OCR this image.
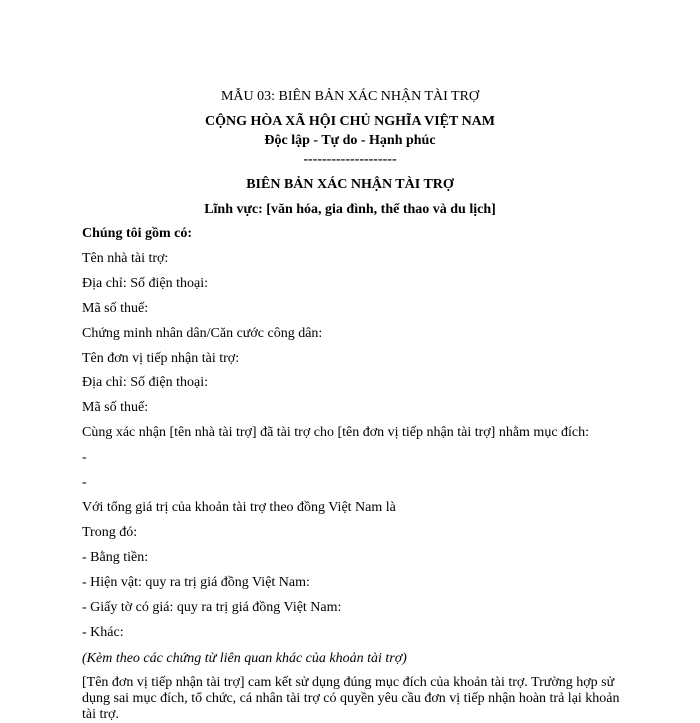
MẪU 03: BIÊN BẢN XÁC NHẬN TÀI TRỢ
CỘNG HÒA XÃ HỘI CHỦ NGHĨA VIỆT NAM
Độc lập - Tự do - Hạnh phúc
--------------------
BIÊN BẢN XÁC NHẬN TÀI TRỢ
Lĩnh vực: [văn hóa, gia đình, thể thao và du lịch]
Chúng tôi gồm có:
Tên nhà tài trợ:
Địa chỉ: Số điện thoại:
Mã số thuế:
Chứng minh nhân dân/Căn cước công dân:
Tên đơn vị tiếp nhận tài trợ:
Địa chỉ: Số điện thoại:
Mã số thuế:
Cùng xác nhận [tên nhà tài trợ] đã tài trợ cho [tên đơn vị tiếp nhận tài trợ] nhằm mục đích:
-
-
Với tổng giá trị của khoản tài trợ theo đồng Việt Nam là
Trong đó:
- Bằng tiền:
- Hiện vật: quy ra trị giá đồng Việt Nam:
- Giấy tờ có giá: quy ra trị giá đồng Việt Nam:
- Khác:
(Kèm theo các chứng từ liên quan khác của khoản tài trợ)
[Tên đơn vị tiếp nhận tài trợ] cam kết sử dụng đúng mục đích của khoản tài trợ. Trường hợp sử dụng sai mục đích, tổ chức, cá nhân tài trợ có quyền yêu cầu đơn vị tiếp nhận hoàn trả lại khoản tài trợ.
